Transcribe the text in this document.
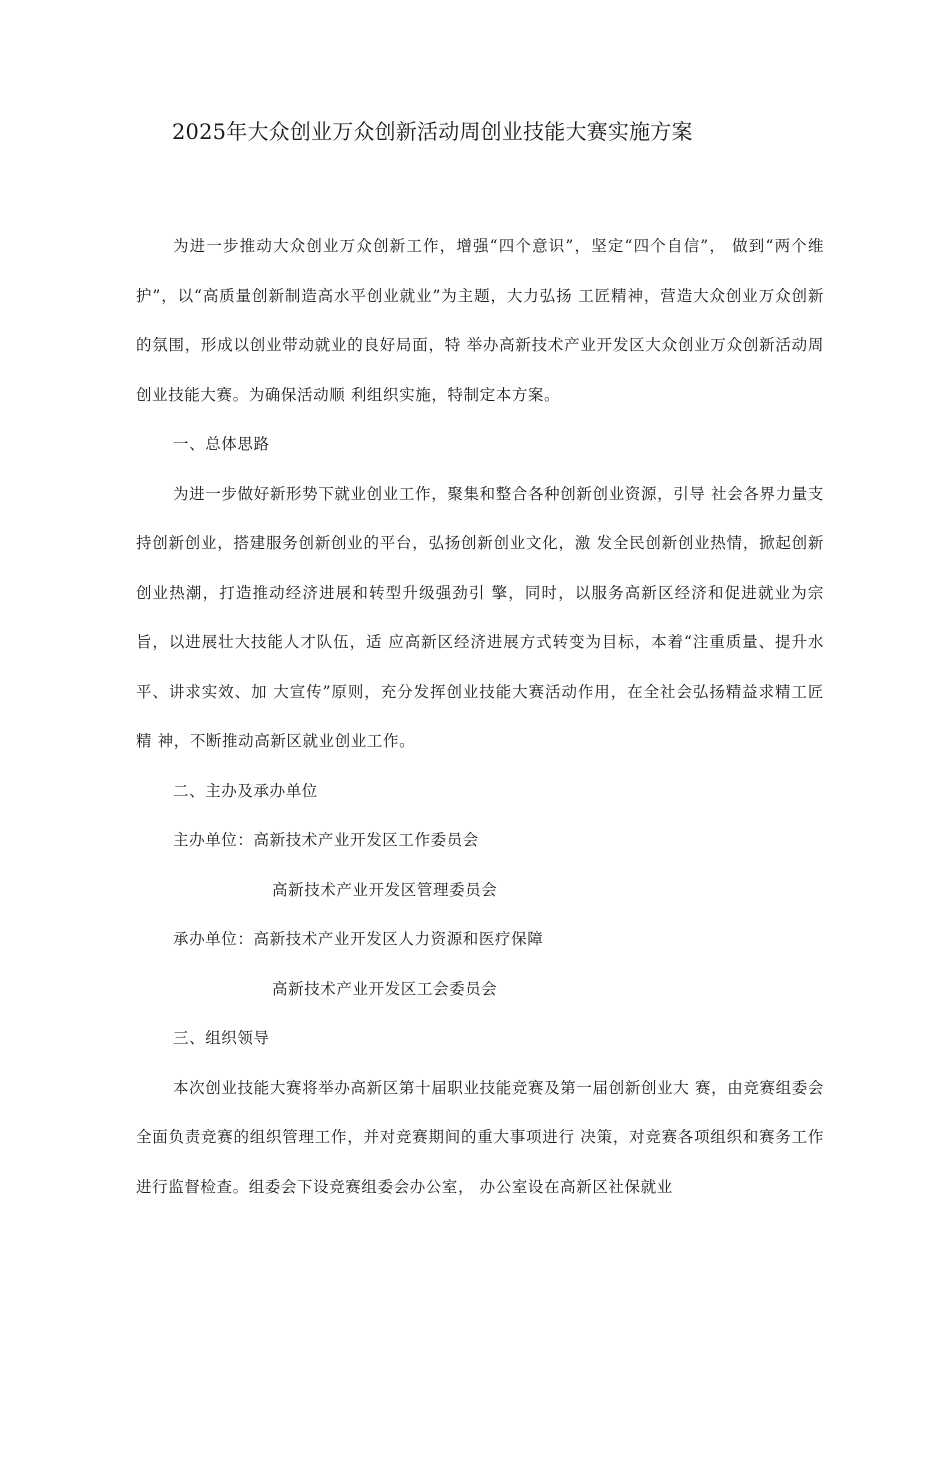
2025年大众创业万众创新活动周创业技能大赛实施方案

为进一步推动大众创业万众创新工作，增强“四个意识”，坚定“四个自信”， 做到“两个维护”，以“高质量创新制造高水平创业就业”为主题，大力弘扬 工匠精神，营造大众创业万众创新的氛围，形成以创业带动就业的良好局面，特 举办高新技术产业开发区大众创业万众创新活动周创业技能大赛。为确保活动顺 利组织实施，特制定本方案。

一、总体思路

为进一步做好新形势下就业创业工作，聚集和整合各种创新创业资源，引导 社会各界力量支持创新创业，搭建服务创新创业的平台，弘扬创新创业文化，激 发全民创新创业热情，掀起创新创业热潮，打造推动经济进展和转型升级强劲引 擎，同时，以服务高新区经济和促进就业为宗旨，以进展壮大技能人才队伍，适 应高新区经济进展方式转变为目标，本着“注重质量、提升水平、讲求实效、加 大宣传”原则，充分发挥创业技能大赛活动作用，在全社会弘扬精益求精工匠精 神，不断推动高新区就业创业工作。

二、主办及承办单位

主办单位：高新技术产业开发区工作委员会

高新技术产业开发区管理委员会

承办单位：高新技术产业开发区人力资源和医疗保障

高新技术产业开发区工会委员会

三、组织领导

本次创业技能大赛将举办高新区第十届职业技能竞赛及第一届创新创业大 赛，由竞赛组委会全面负责竞赛的组织管理工作，并对竞赛期间的重大事项进行 决策，对竞赛各项组织和赛务工作进行监督检查。组委会下设竞赛组委会办公室， 办公室设在高新区社保就业
